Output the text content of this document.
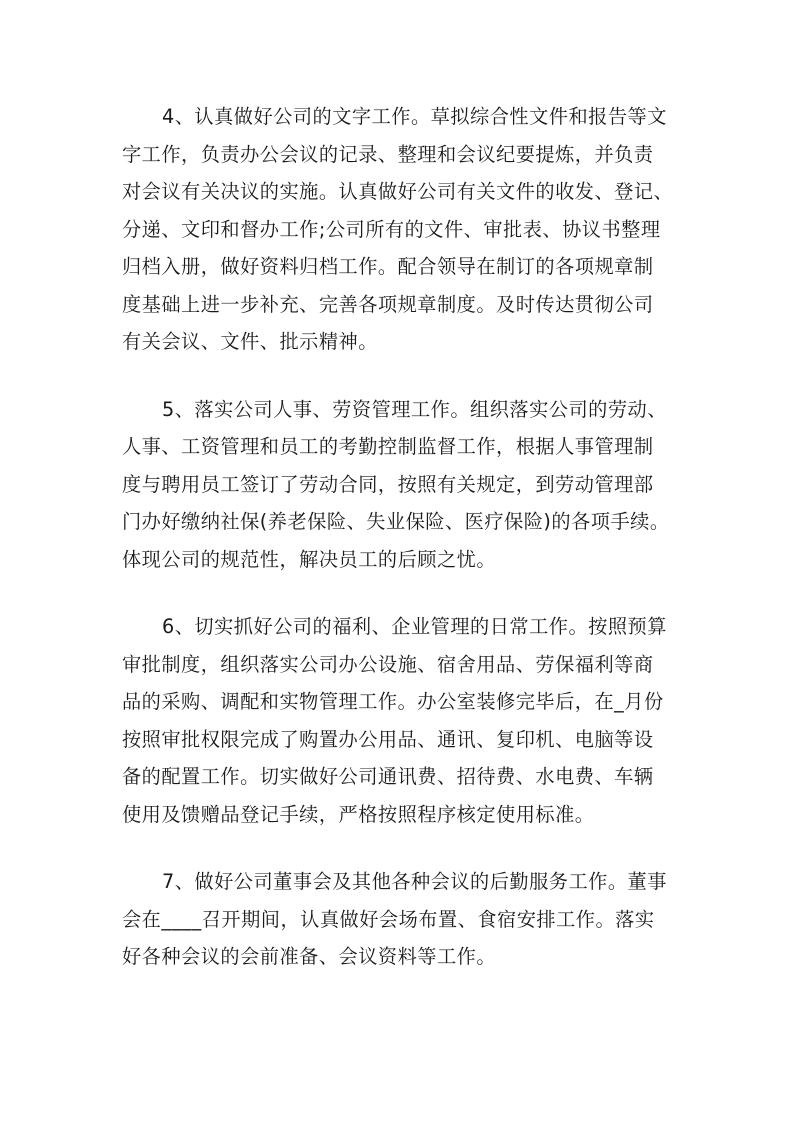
4、认真做好公司的文字工作。草拟综合性文件和报告等文
字工作，负责办公会议的记录、整理和会议纪要提炼，并负责
对会议有关决议的实施。认真做好公司有关文件的收发、登记、
分递、文印和督办工作;公司所有的文件、审批表、协议书整理
归档入册，做好资料归档工作。配合领导在制订的各项规章制
度基础上进一步补充、完善各项规章制度。及时传达贯彻公司
有关会议、文件、批示精神。
5、落实公司人事、劳资管理工作。组织落实公司的劳动、
人事、工资管理和员工的考勤控制监督工作，根据人事管理制
度与聘用员工签订了劳动合同，按照有关规定，到劳动管理部
门办好缴纳社保(养老保险、失业保险、医疗保险)的各项手续。
体现公司的规范性，解决员工的后顾之忧。
6、切实抓好公司的福利、企业管理的日常工作。按照预算
审批制度，组织落实公司办公设施、宿舍用品、劳保福利等商
品的采购、调配和实物管理工作。办公室装修完毕后，在_月份
按照审批权限完成了购置办公用品、通讯、复印机、电脑等设
备的配置工作。切实做好公司通讯费、招待费、水电费、车辆
使用及馈赠品登记手续，严格按照程序核定使用标准。
7、做好公司董事会及其他各种会议的后勤服务工作。董事
会在____召开期间，认真做好会场布置、食宿安排工作。落实
好各种会议的会前准备、会议资料等工作。
